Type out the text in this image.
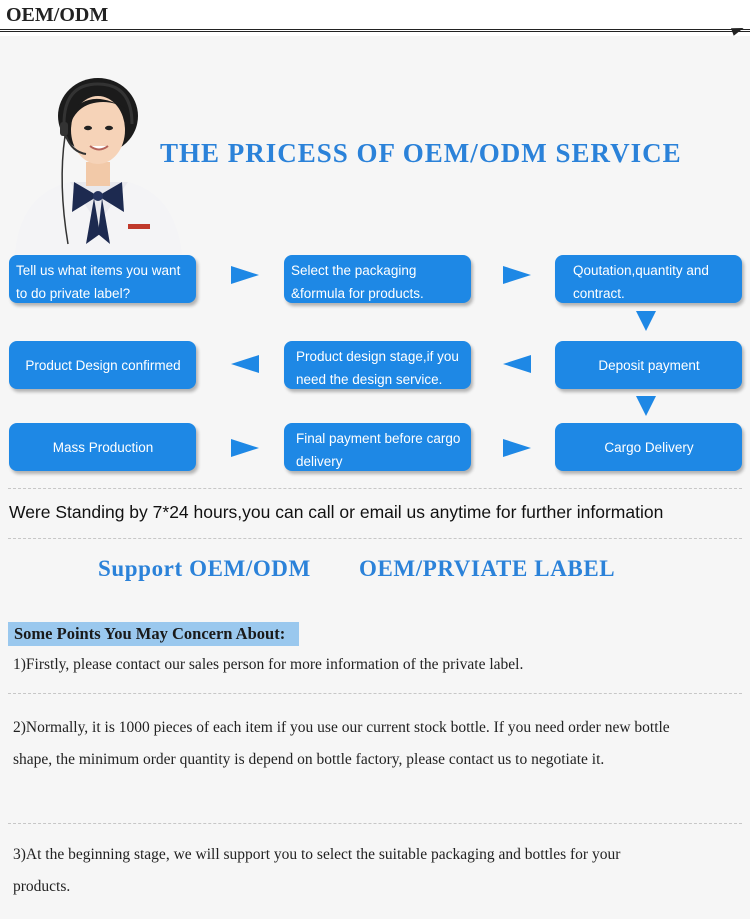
OEM/ODM
THE PRICESS OF OEM/ODM SERVICE
Tell us what items you want to do private label?
Select the packaging &formula for products.
Qoutation,quantity and contract.
Product Design confirmed
Product design stage,if you need the design service.
Deposit payment
Mass Production
Final payment before cargo delivery
Cargo Delivery
Were Standing by 7*24 hours,you can call or email us anytime for further information
Support OEM/ODM OEM/PRVIATE LABEL
Some Points You May Concern About:
1)Firstly, please contact our sales person for more information of the private label.
2)Normally, it is 1000 pieces of each item if you use our current stock bottle. If you need order new bottle shape, the minimum order quantity is depend on bottle factory, please contact us to negotiate it.
3)At the beginning stage, we will support you to select the suitable packaging and bottles for your products.
